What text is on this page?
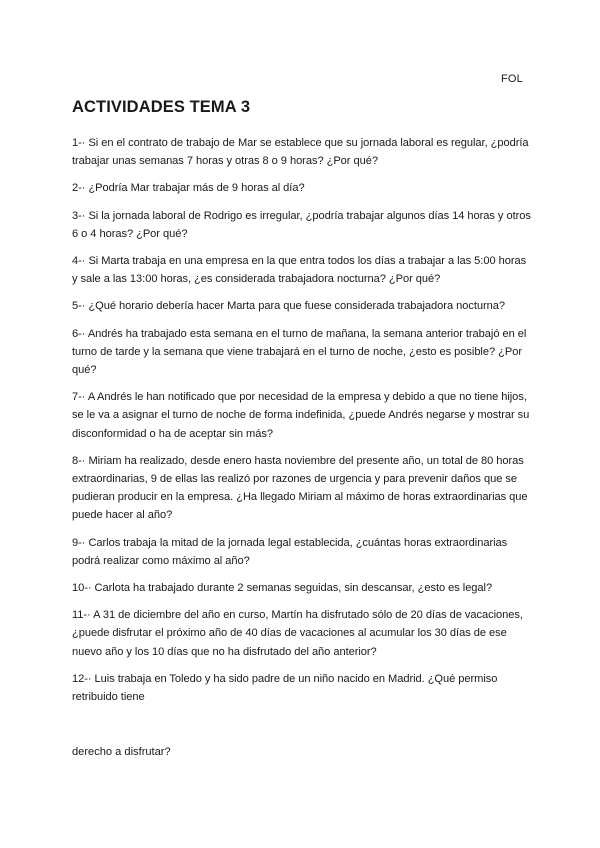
FOL
ACTIVIDADES TEMA 3
1-· Si en el contrato de trabajo de Mar se establece que su jornada laboral es regular, ¿podría trabajar unas semanas 7 horas y otras 8 o 9 horas? ¿Por qué?
2-· ¿Podría Mar trabajar más de 9 horas al día?
3-· Si la jornada laboral de Rodrigo es irregular, ¿podría trabajar algunos días 14 horas y otros 6 o 4 horas? ¿Por qué?
4-· Si Marta trabaja en una empresa en la que entra todos los días a trabajar a las 5:00 horas y sale a las 13:00 horas, ¿es considerada trabajadora nocturna? ¿Por qué?
5-· ¿Qué horario debería hacer Marta para que fuese considerada trabajadora nocturna?
6-· Andrés ha trabajado esta semana en el turno de mañana, la semana anterior trabajó en el turno de tarde y la semana que viene trabajará en el turno de noche, ¿esto es posible? ¿Por qué?
7-· A Andrés le han notificado que por necesidad de la empresa y debido a que no tiene hijos, se le va a asignar el turno de noche de forma indefinida, ¿puede Andrés negarse y mostrar su disconformidad o ha de aceptar sin más?
8-· Miriam ha realizado, desde enero hasta noviembre del presente año, un total de 80 horas extraordinarias, 9 de ellas las realizó por razones de urgencia y para prevenir daños que se pudieran producir en la empresa. ¿Ha llegado Miriam al máximo de horas extraordinarias que puede hacer al año?
9-· Carlos trabaja la mitad de la jornada legal establecida, ¿cuántas horas extraordinarias podrá realizar como máximo al año?
10-· Carlota ha trabajado durante 2 semanas seguidas, sin descansar, ¿esto es legal?
11-· A 31 de diciembre del año en curso, Martín ha disfrutado sólo de 20 días de vacaciones, ¿puede disfrutar el próximo año de 40 días de vacaciones al acumular los 30 días de ese nuevo año y los 10 días que no ha disfrutado del año anterior?
12-· Luis trabaja en Toledo y ha sido padre de un niño nacido en Madrid. ¿Qué permiso retribuido tiene
derecho a disfrutar?
